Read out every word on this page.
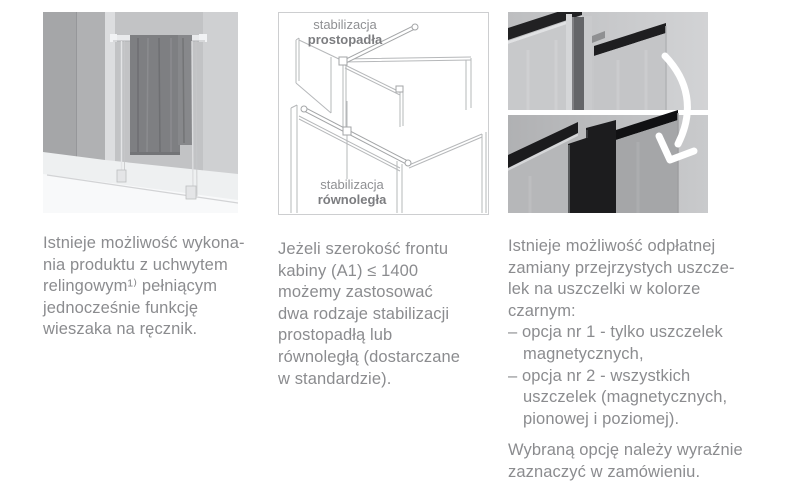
Istnieje możliwość wykona-
nia produktu z uchwytem
relingowym¹⁾ pełniącym
jednocześnie funkcję
wieszaka na ręcznik.
stabilizacja
prostopadła
stabilizacja
równoległa
Jeżeli szerokość frontu
kabiny (A1) ≤ 1400
możemy zastosować
dwa rodzaje stabilizacji
prostopadłą lub
równoległą (dostarczane
w standardzie).
Istnieje możliwość odpłatnej
zamiany przejrzystych uszcze-
lek na uszczelki w kolorze
czarnym:
– opcja nr 1 - tylko uszczelek
magnetycznych,
– opcja nr 2 - wszystkich
uszczelek (magnetycznych,
pionowej i poziomej).
Wybraną opcję należy wyraźnie
zaznaczyć w zamówieniu.
